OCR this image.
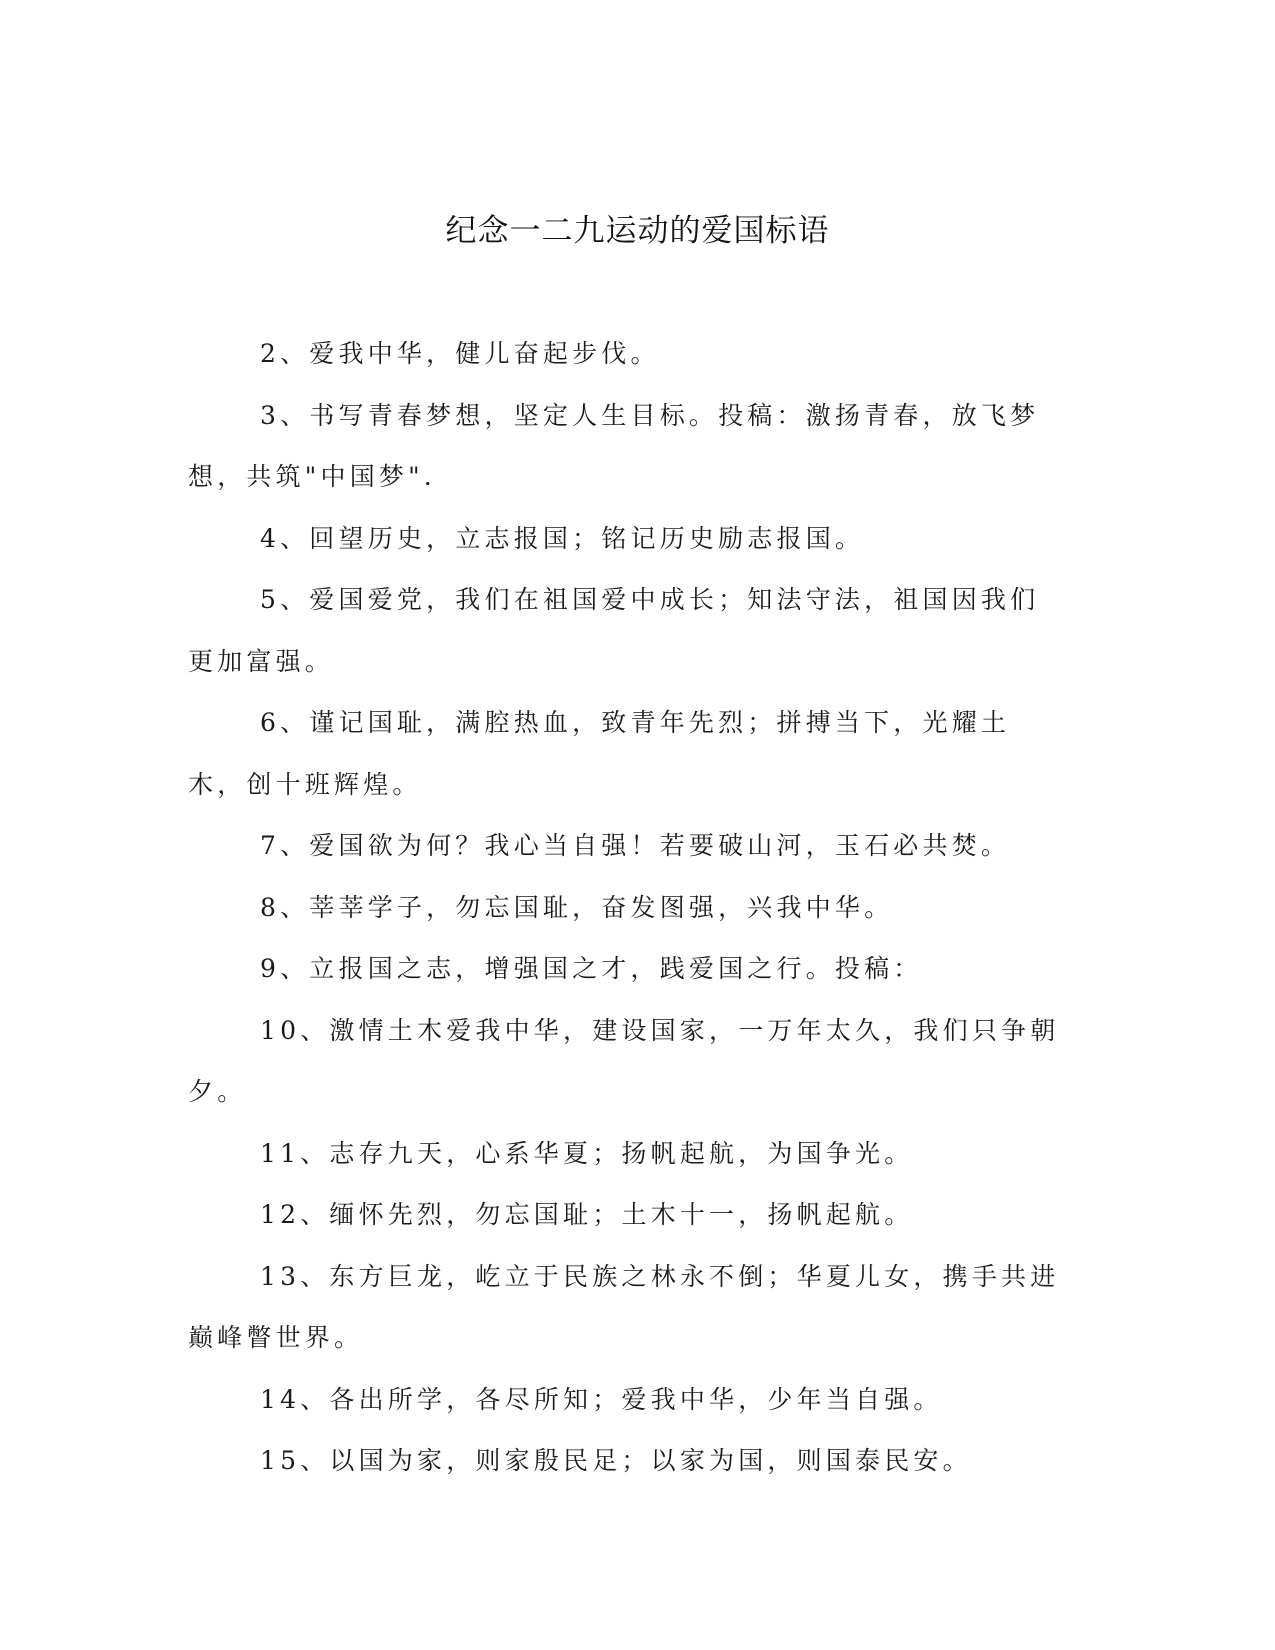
纪念一二九运动的爱国标语

2、爱我中华，健儿奋起步伐。

3、书写青春梦想，坚定人生目标。投稿：激扬青春，放飞梦想，共筑"中国梦".

4、回望历史，立志报国；铭记历史励志报国。

5、爱国爱党，我们在祖国爱中成长；知法守法，祖国因我们更加富强。

6、谨记国耻，满腔热血，致青年先烈；拼搏当下，光耀土木，创十班辉煌。

7、爱国欲为何？我心当自强！若要破山河，玉石必共焚。

8、莘莘学子，勿忘国耻，奋发图强，兴我中华。

9、立报国之志，增强国之才，践爱国之行。投稿：

10、激情土木爱我中华，建设国家，一万年太久，我们只争朝夕。

11、志存九天，心系华夏；扬帆起航，为国争光。

12、缅怀先烈，勿忘国耻；土木十一，扬帆起航。

13、东方巨龙，屹立于民族之林永不倒；华夏儿女，携手共进巅峰瞥世界。

14、各出所学，各尽所知；爱我中华，少年当自强。

15、以国为家，则家殷民足；以家为国，则国泰民安。
